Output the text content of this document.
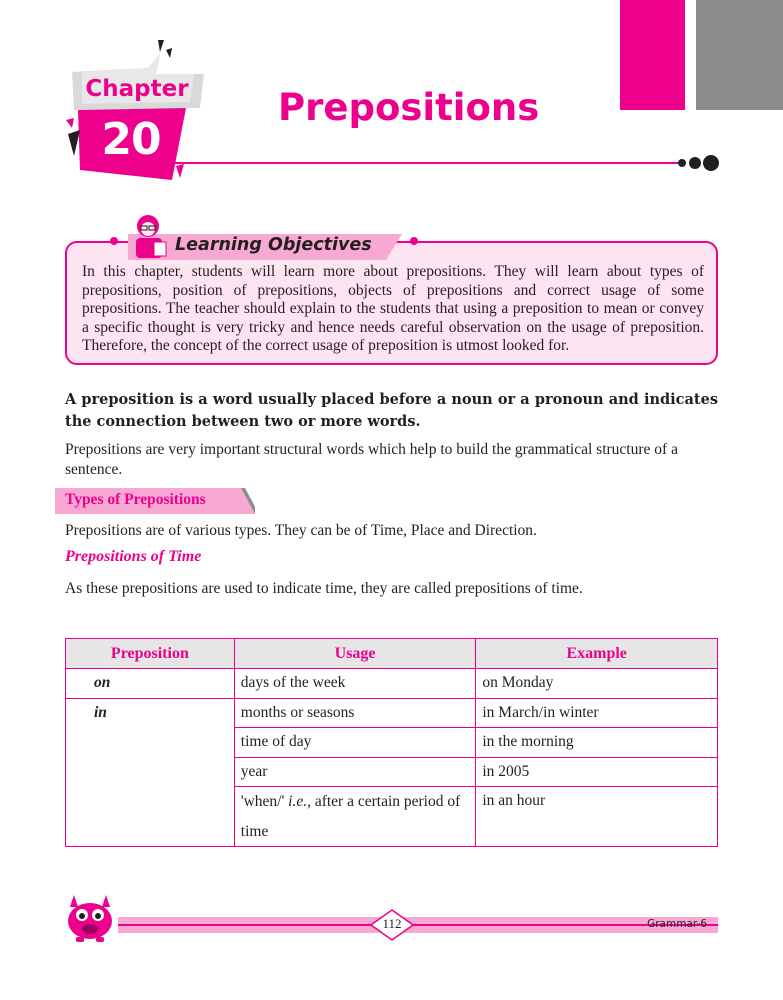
Chapter
20
Prepositions
In this chapter, students will learn more about prepositions. They will learn about types of prepositions, position of prepositions, objects of prepositions and correct usage of some prepositions. The teacher should explain to the students that using a preposition to mean or convey a specific thought is very tricky and hence needs careful observation on the usage of preposition. Therefore, the concept of the correct usage of preposition is utmost looked for.
Learning Objectives
A preposition is a word usually placed before a noun or a pronoun and indicates the connection between two or more words.
Prepositions are very important structural words which help to build the grammatical structure of a sentence.
Types of Prepositions
Prepositions are of various types. They can be of Time, Place and Direction.
Prepositions of Time
As these prepositions are used to indicate time, they are called prepositions of time.
Preposition	Usage	Example
on	days of the week	on Monday
in	months or seasons	in March/in winter
	time of day	in the morning
	year	in 2005
	'when/' i.e., after a certain period of time	in an hour
112	Grammar-6
